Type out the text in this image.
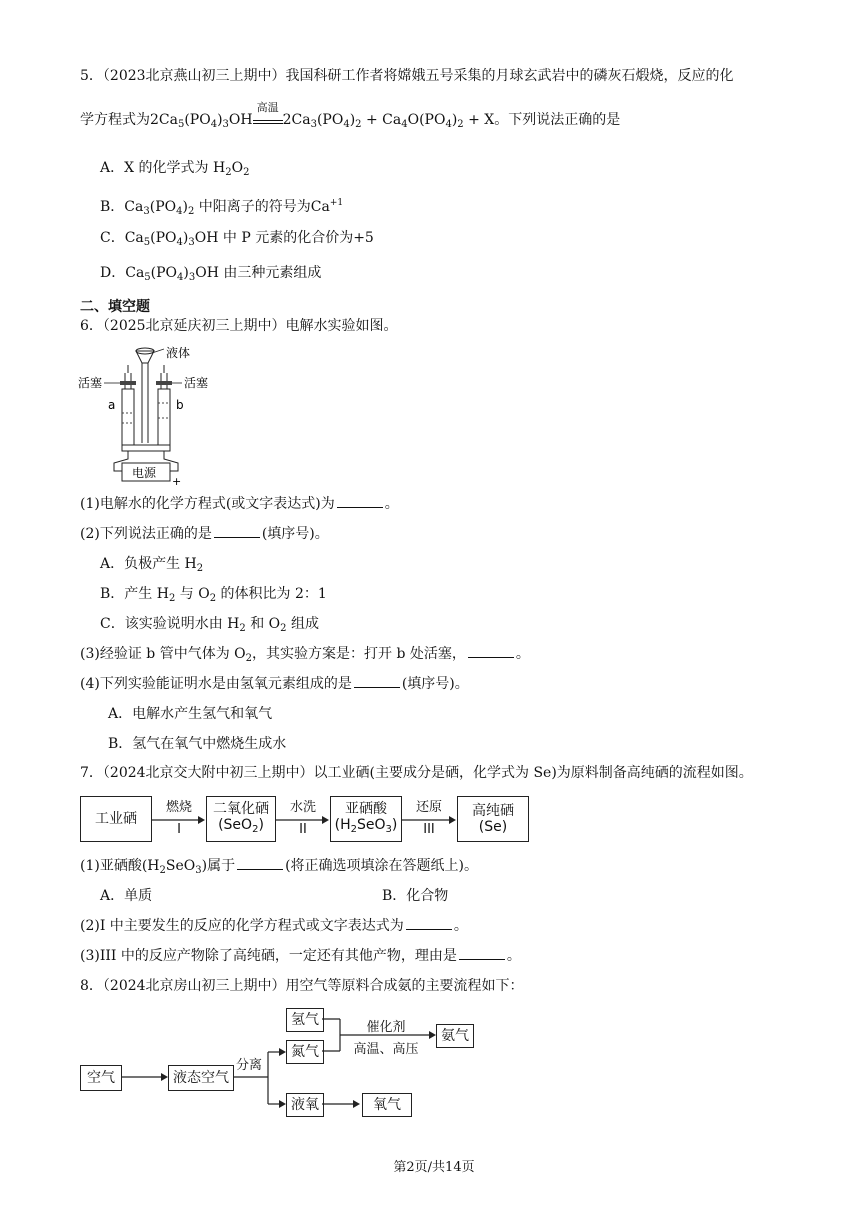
5．（2023北京燕山初三上期中）我国科研工作者将嫦娥五号采集的月球玄武岩中的磷灰石煅烧，反应的化
学方程式为$2Ca_5(PO_4)_3OH$
高温
$2Ca_3(PO_4)_2 + Ca_4O(PO_4)_2 + X$。下列说法正确的是
A．X 的化学式为 $H_2O_2$
B．$Ca_3(PO_4)_2$ 中阳离子的符号为$Ca^{+1}$
C．$Ca_5(PO_4)_3OH$ 中 P 元素的化合价为+5
D．$Ca_5(PO_4)_3OH$ 由三种元素组成
二、填空题
6．（2025北京延庆初三上期中）电解水实验如图。
液体
活塞	活塞
a	b
电源
+
(1)电解水的化学方程式(或文字表达式)为	。
(2)下列说法正确的是	(填序号)。
A．负极产生 $H_2$
B．产生 $H_2$ 与 $O_2$ 的体积比为 2：1
C．该实验说明水由 $H_2$ 和 $O_2$ 组成
(3)经验证 b 管中气体为 $O_2$，其实验方案是：打开 b 处活塞，	。
(4)下列实验能证明水是由氢氧元素组成的是	(填序号)。
A．电解水产生氢气和氧气
B．氢气在氧气中燃烧生成水
7．（2024北京交大附中初三上期中）以工业硒(主要成分是硒，化学式为 Se)为原料制备高纯硒的流程如图。
工业硒
二氧化硒
(SeO$_2$)
亚硒酸
$(H_2SeO_3)$
高纯硒
(Se)
燃烧
I
水洗
II
还原
III
(1)亚硒酸$(H_2SeO_3)$属于	(将正确选项填涂在答题纸上)。
A．单质	B．化合物
(2)I 中主要发生的反应的化学方程式或文字表达式为	。
(3)III 中的反应产物除了高纯硒，一定还有其他产物，理由是	。
8．（2024北京房山初三上期中）用空气等原料合成氨的主要流程如下：
空气	液态空气
氢气
氮气
氨气
液氧	氧气
分离
催化剂
高温、高压
第2页/共14页
